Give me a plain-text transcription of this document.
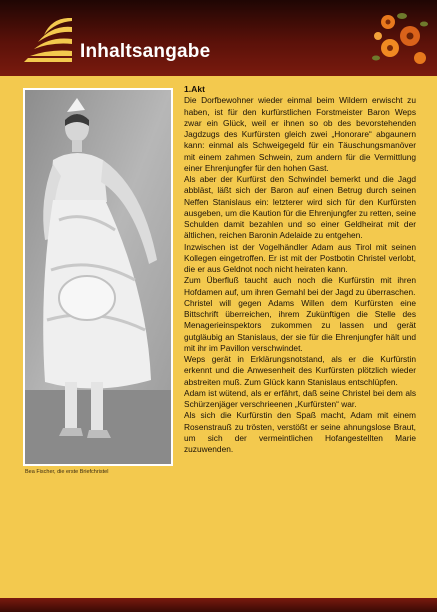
Inhaltsangabe
Bea Fischer, die erste Briefchristel
1.Akt

Die Dorfbewohner wieder einmal beim Wildern erwischt zu haben, ist für den kurfürstlichen Forstmeister Baron Weps zwar ein Glück, weil er ihnen so ob des bevorstehenden Jagdzugs des Kurfürsten gleich zwei „Honorare“ abgaunern kann: einmal als Schweigegeld für ein Täuschungsmanöver mit einem zahmen Schwein, zum andern für die Vermittlung einer Ehrenjungfer für den hohen Gast.

Als aber der Kurfürst den Schwindel bemerkt und die Jagd abbläst, läßt sich der Baron auf einen Betrug durch seinen Neffen Stanislaus ein: letzterer wird sich für den Kurfürsten ausgeben, um die Kaution für die Ehrenjungfer zu retten, seine Schulden damit bezahlen und so einer Geldheirat mit der ältlichen, reichen Baronin Adelaide zu entgehen.

Inzwischen ist der Vogelhändler Adam aus Tirol mit seinen Kollegen eingetroffen. Er ist mit der Postbotin Christel verlobt, die er aus Geldnot noch nicht heiraten kann.

Zum Überfluß taucht auch noch die Kurfürstin mit ihren Hofdamen auf, um ihren Gemahl bei der Jagd zu überraschen.

Christel will gegen Adams Willen dem Kurfürsten eine Bittschrift überreichen, ihrem Zukünftigen die Stelle des Menagerieinspektors zukommen zu lassen und gerät gutgläubig an Stanislaus, der sie für die Ehrenjungfer hält und mit ihr im Pavillon verschwindet.

Weps gerät in Erklärungsnotstand, als er die Kurfürstin erkennt und die Anwesenheit des Kurfürsten plötzlich wieder abstreiten muß. Zum Glück kann Stanislaus entschlüpfen.

Adam ist wütend, als er erfährt, daß seine Christel bei dem als Schürzenjäger verschrieenen „Kurfürsten“ war.

Als sich die Kurfürstin den Spaß macht, Adam mit einem Rosenstrauß zu trösten, verstößt er seine ahnungslose Braut, um sich der vermeintlichen Hofangestellten Marie zuzuwenden.
